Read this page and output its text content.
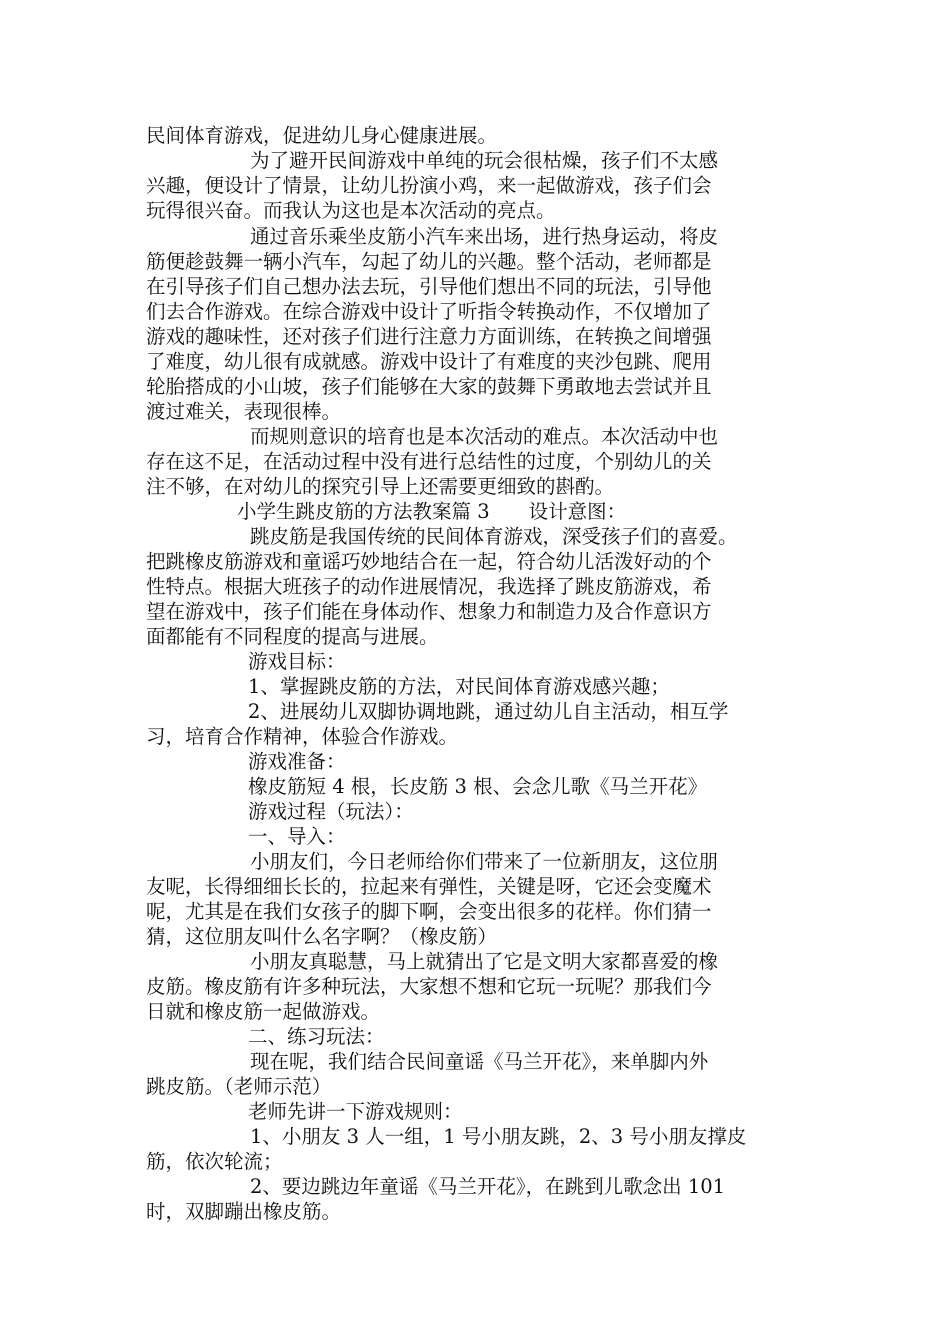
民间体育游戏，促进幼儿身心健康进展。
为了避开民间游戏中单纯的玩会很枯燥，孩子们不太感
兴趣，便设计了情景，让幼儿扮演小鸡，来一起做游戏，孩子们会
玩得很兴奋。而我认为这也是本次活动的亮点。
通过音乐乘坐皮筋小汽车来出场，进行热身运动，将皮
筋便趁鼓舞一辆小汽车，勾起了幼儿的兴趣。整个活动，老师都是
在引导孩子们自己想办法去玩，引导他们想出不同的玩法，引导他
们去合作游戏。在综合游戏中设计了听指令转换动作，不仅增加了
游戏的趣味性，还对孩子们进行注意力方面训练，在转换之间增强
了难度，幼儿很有成就感。游戏中设计了有难度的夹沙包跳、爬用
轮胎搭成的小山坡，孩子们能够在大家的鼓舞下勇敢地去尝试并且
渡过难关，表现很棒。
而规则意识的培育也是本次活动的难点。本次活动中也
存在这不足，在活动过程中没有进行总结性的过度，个别幼儿的关
注不够，在对幼儿的探究引导上还需要更细致的斟酌。
小学生跳皮筋的方法教案篇 3　　设计意图：
跳皮筋是我国传统的民间体育游戏，深受孩子们的喜爱。
把跳橡皮筋游戏和童谣巧妙地结合在一起，符合幼儿活泼好动的个
性特点。根据大班孩子的动作进展情况，我选择了跳皮筋游戏，希
望在游戏中，孩子们能在身体动作、想象力和制造力及合作意识方
面都能有不同程度的提高与进展。
游戏目标：
1、掌握跳皮筋的方法，对民间体育游戏感兴趣；
2、进展幼儿双脚协调地跳，通过幼儿自主活动，相互学
习，培育合作精神，体验合作游戏。
游戏准备：
橡皮筋短 4 根，长皮筋 3 根、会念儿歌《马兰开花》
游戏过程（玩法）：
一、导入：
小朋友们，今日老师给你们带来了一位新朋友，这位朋
友呢，长得细细长长的，拉起来有弹性，关键是呀，它还会变魔术
呢，尤其是在我们女孩子的脚下啊，会变出很多的花样。你们猜一
猜，这位朋友叫什么名字啊？（橡皮筋）
小朋友真聪慧，马上就猜出了它是文明大家都喜爱的橡
皮筋。橡皮筋有许多种玩法，大家想不想和它玩一玩呢？那我们今
日就和橡皮筋一起做游戏。
二、练习玩法：
现在呢，我们结合民间童谣《马兰开花》，来单脚内外
跳皮筋。（老师示范）
老师先讲一下游戏规则：
1、小朋友 3 人一组，1 号小朋友跳，2、3 号小朋友撑皮
筋，依次轮流；
2、要边跳边年童谣《马兰开花》，在跳到儿歌念出 101
时，双脚蹦出橡皮筋。
